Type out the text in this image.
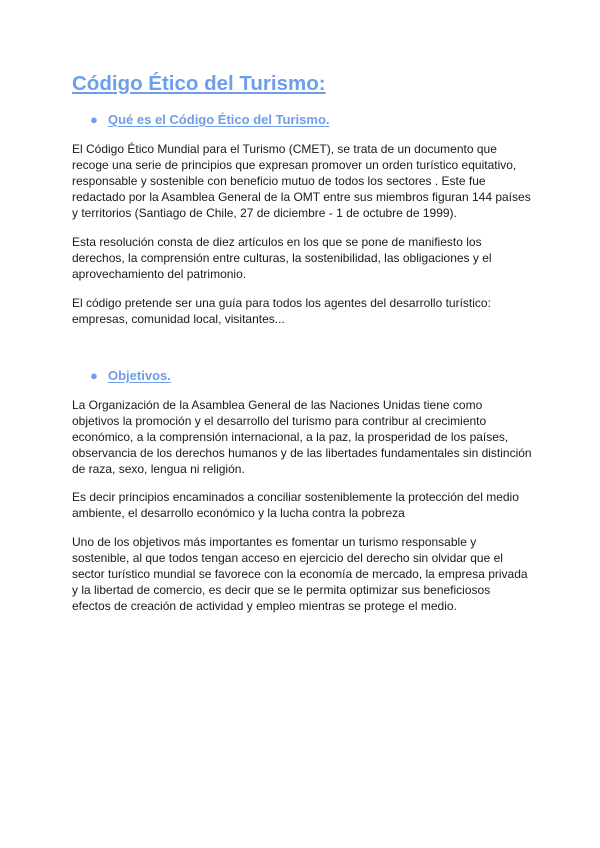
Código Ético del Turismo:
● Qué es el Código Ético del Turismo.

El Código Ético Mundial para el Turismo (CMET), se trata de un documento que recoge una serie de principios que expresan promover un orden turístico equitativo, responsable y sostenible con beneficio mutuo de todos los sectores . Este fue redactado por la Asamblea General de la OMT entre sus miembros figuran 144 países y territorios (Santiago de Chile, 27 de diciembre - 1 de octubre de 1999).

Esta resolución consta de diez artículos en los que se pone de manifiesto los derechos, la comprensión entre culturas, la sostenibilidad, las obligaciones y el aprovechamiento del patrimonio.

El código pretende ser una guía para todos los agentes del desarrollo turístico: empresas, comunidad local, visitantes...

● Objetivos.

La Organización de la Asamblea General de las Naciones Unidas tiene como objetivos la promoción y el desarrollo del turismo para contribur al crecimiento económico, a la comprensión internacional, a la paz, la prosperidad de los países, observancia de los derechos humanos y de las libertades fundamentales sin distinción de raza, sexo, lengua ni religión.

Es decir principios encaminados a conciliar sosteniblemente la protección del medio ambiente, el desarrollo económico y la lucha contra la pobreza

Uno de los objetivos más importantes es fomentar un turismo responsable y sostenible, al que todos tengan acceso en ejercicio del derecho sin olvidar que el sector turístico mundial se favorece con la economía de mercado, la empresa privada y la libertad de comercio, es decir que se le permita optimizar sus beneficiosos efectos de creación de actividad y empleo mientras se protege el medio.
